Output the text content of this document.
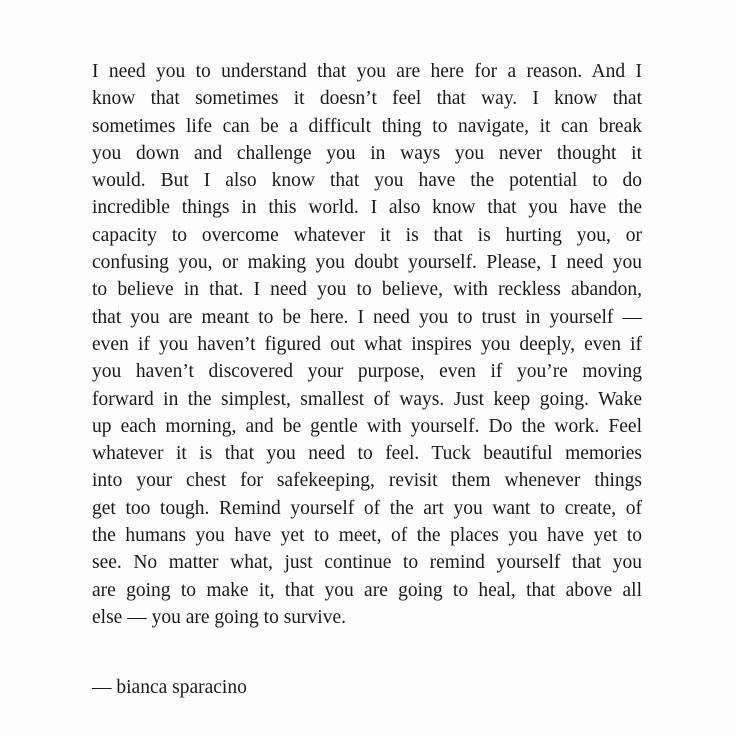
I need you to understand that you are here for a reason. And I
know that sometimes it doesn’t feel that way. I know that
sometimes life can be a difficult thing to navigate, it can break
you down and challenge you in ways you never thought it
would. But I also know that you have the potential to do
incredible things in this world. I also know that you have the
capacity to overcome whatever it is that is hurting you, or
confusing you, or making you doubt yourself. Please, I need you
to believe in that. I need you to believe, with reckless abandon,
that you are meant to be here. I need you to trust in yourself —
even if you haven’t figured out what inspires you deeply, even if
you haven’t discovered your purpose, even if you’re moving
forward in the simplest, smallest of ways. Just keep going. Wake
up each morning, and be gentle with yourself. Do the work. Feel
whatever it is that you need to feel. Tuck beautiful memories
into your chest for safekeeping, revisit them whenever things
get too tough. Remind yourself of the art you want to create, of
the humans you have yet to meet, of the places you have yet to
see. No matter what, just continue to remind yourself that you
are going to make it, that you are going to heal, that above all
else — you are going to survive.

— bianca sparacino
